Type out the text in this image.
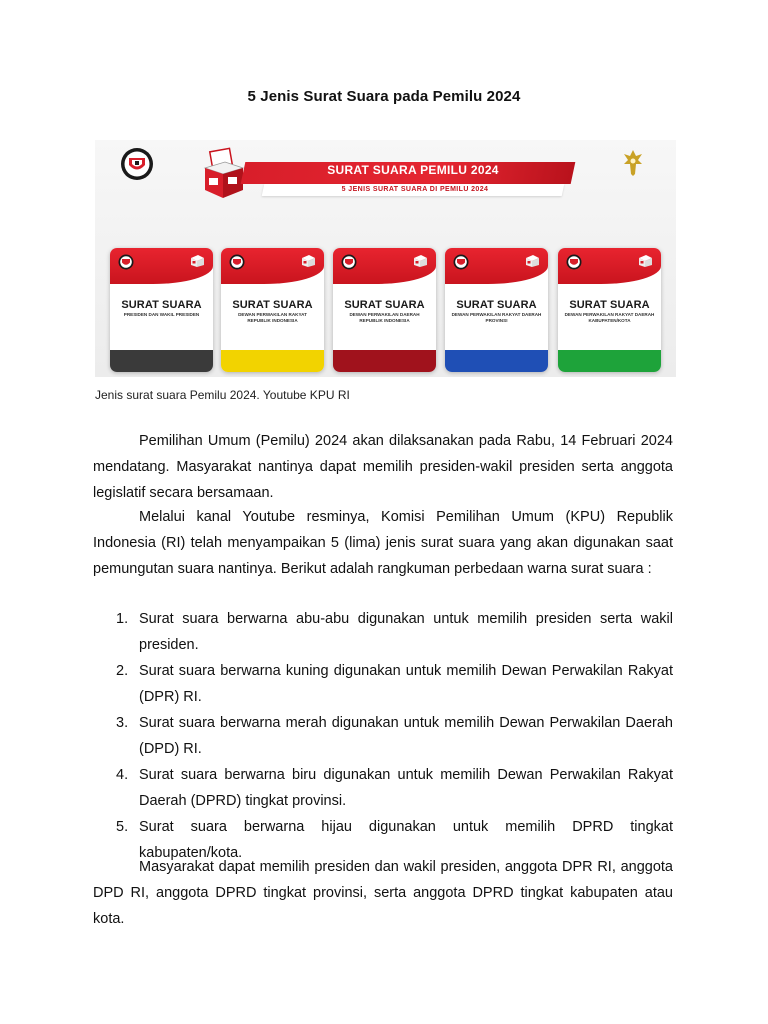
5 Jenis Surat Suara pada Pemilu 2024
SURAT SUARA PEMILU 2024
5 JENIS SURAT SUARA DI PEMILU 2024
SURAT SUARA
PRESIDEN DAN WAKIL PRESIDEN
SURAT SUARA
DEWAN PERWAKILAN RAKYAT REPUBLIK INDONESIA
SURAT SUARA
DEWAN PERWAKILAN DAERAH REPUBLIK INDONESIA
SURAT SUARA
DEWAN PERWAKILAN RAKYAT DAERAH PROVINSI
SURAT SUARA
DEWAN PERWAKILAN RAKYAT DAERAH KABUPATEN/KOTA
Jenis surat suara Pemilu 2024. Youtube KPU RI
Pemilihan Umum (Pemilu) 2024 akan dilaksanakan pada Rabu, 14 Februari 2024 mendatang. Masyarakat nantinya dapat memilih presiden-wakil presiden serta anggota legislatif secara bersamaan.
Melalui kanal Youtube resminya, Komisi Pemilihan Umum (KPU) Republik Indonesia (RI) telah menyampaikan 5 (lima) jenis surat suara yang akan digunakan saat pemungutan suara nantinya. Berikut adalah rangkuman perbedaan warna surat suara :
1. Surat suara berwarna abu-abu digunakan untuk memilih presiden serta wakil presiden.
2. Surat suara berwarna kuning digunakan untuk memilih Dewan Perwakilan Rakyat (DPR) RI.
3. Surat suara berwarna merah digunakan untuk memilih Dewan Perwakilan Daerah (DPD) RI.
4. Surat suara berwarna biru digunakan untuk memilih Dewan Perwakilan Rakyat Daerah (DPRD) tingkat provinsi.
5. Surat suara berwarna hijau digunakan untuk memilih DPRD tingkat kabupaten/kota.
Masyarakat dapat memilih presiden dan wakil presiden, anggota DPR RI, anggota DPD RI, anggota DPRD tingkat provinsi, serta anggota DPRD tingkat kabupaten atau kota.
